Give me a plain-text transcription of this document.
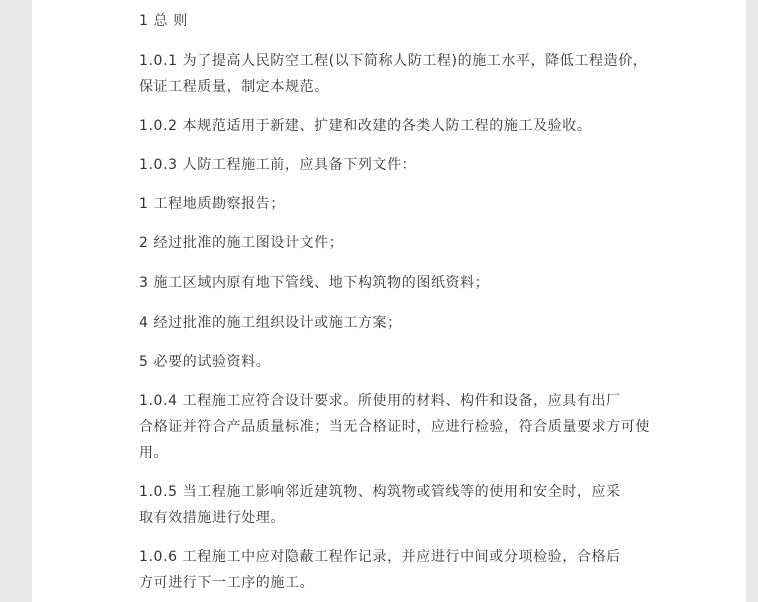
1 总 则

1.0.1 为了提高人民防空工程(以下简称人防工程)的施工水平，降低工程造价，

保证工程质量，制定本规范。

1.0.2 本规范适用于新建、扩建和改建的各类人防工程的施工及验收。

1.0.3 人防工程施工前，应具备下列文件：

1 工程地质勘察报告；

2 经过批准的施工图设计文件；

3 施工区域内原有地下管线、地下构筑物的图纸资料；

4 经过批准的施工组织设计或施工方案；

5 必要的试验资料。

1.0.4 工程施工应符合设计要求。所使用的材料、构件和设备，应具有出厂

合格证并符合产品质量标准；当无合格证时，应进行检验，符合质量要求方可使

用。

1.0.5 当工程施工影响邻近建筑物、构筑物或管线等的使用和安全时，应采

取有效措施进行处理。

1.0.6 工程施工中应对隐蔽工程作记录，并应进行中间或分项检验，合格后

方可进行下一工序的施工。
